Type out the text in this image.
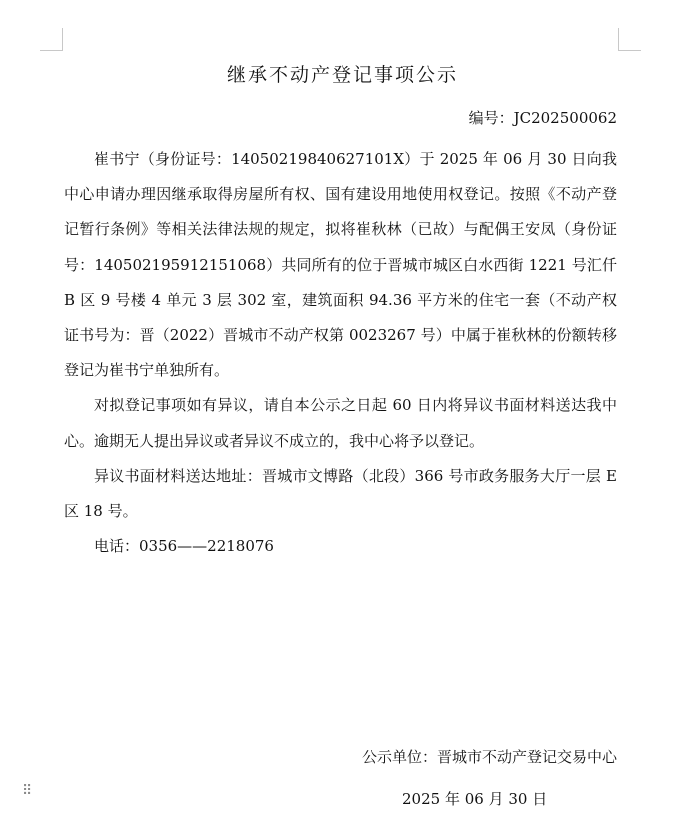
继承不动产登记事项公示
编号：JC202500062

崔书宁（身份证号：14050219840627101X）于 2025 年 06 月 30 日向我中心申请办理因继承取得房屋所有权、国有建设用地使用权登记。按照《不动产登记暂行条例》等相关法律法规的规定，拟将崔秋林（已故）与配偶王安凤（身份证号：140502195912151068）共同所有的位于晋城市城区白水西街 1221 号汇仟 B 区 9 号楼 4 单元 3 层 302 室，建筑面积 94.36 平方米的住宅一套（不动产权证书号为：晋（2022）晋城市不动产权第 0023267 号）中属于崔秋林的份额转移登记为崔书宁单独所有。

对拟登记事项如有异议，请自本公示之日起 60 日内将异议书面材料送达我中心。逾期无人提出异议或者异议不成立的，我中心将予以登记。

异议书面材料送达地址：晋城市文博路（北段）366 号市政务服务大厅一层 E 区 18 号。

电话：0356——2218076

公示单位：晋城市不动产登记交易中心
2025 年 06 月 30 日
⠿
